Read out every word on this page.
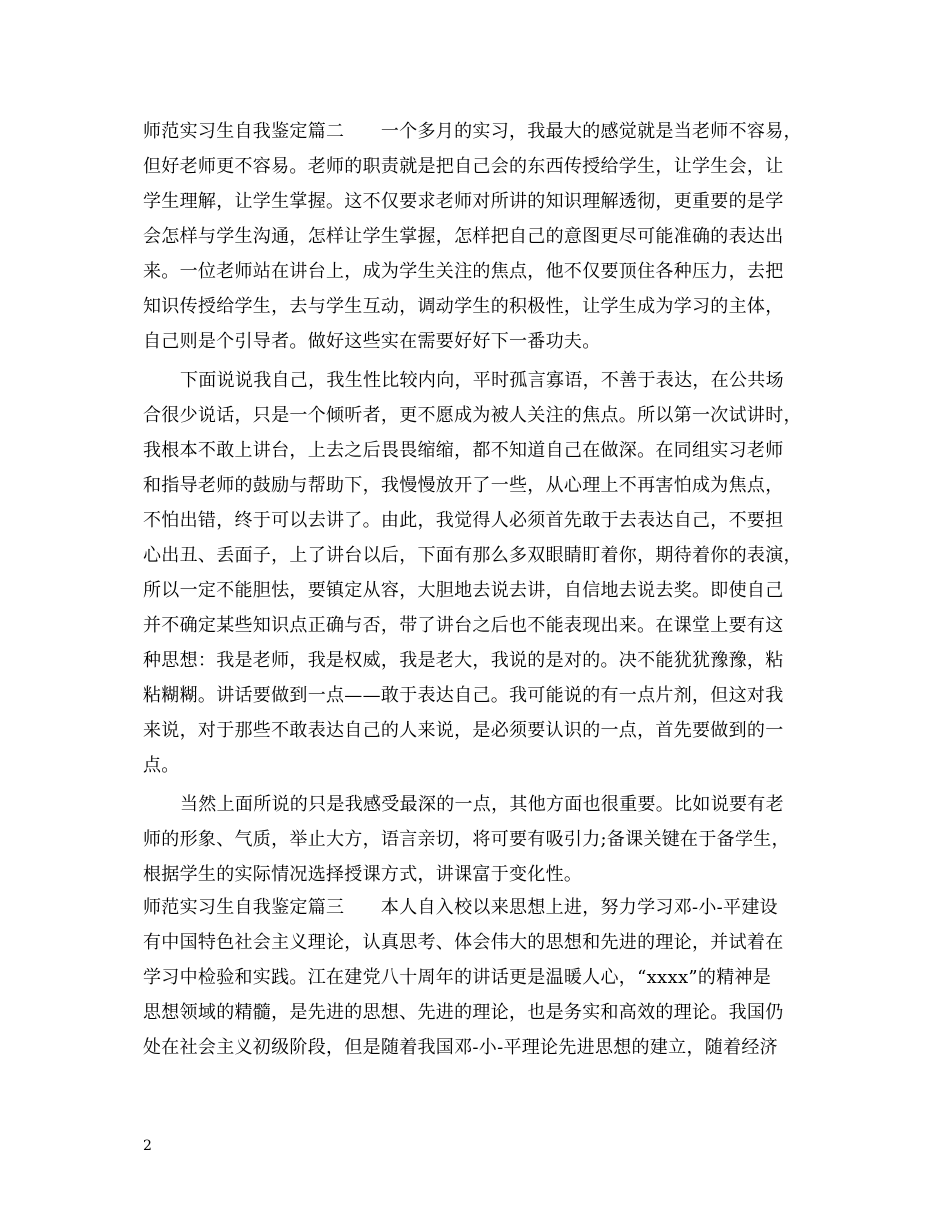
师范实习生自我鉴定篇二　　一个多月的实习，我最大的感觉就是当老师不容易，
但好老师更不容易。老师的职责就是把自己会的东西传授给学生，让学生会，让
学生理解，让学生掌握。这不仅要求老师对所讲的知识理解透彻，更重要的是学
会怎样与学生沟通，怎样让学生掌握，怎样把自己的意图更尽可能准确的表达出
来。一位老师站在讲台上，成为学生关注的焦点，他不仅要顶住各种压力，去把
知识传授给学生，去与学生互动，调动学生的积极性，让学生成为学习的主体，
自己则是个引导者。做好这些实在需要好好下一番功夫。
下面说说我自己，我生性比较内向，平时孤言寡语，不善于表达，在公共场
合很少说话，只是一个倾听者，更不愿成为被人关注的焦点。所以第一次试讲时，
我根本不敢上讲台，上去之后畏畏缩缩，都不知道自己在做深。在同组实习老师
和指导老师的鼓励与帮助下，我慢慢放开了一些，从心理上不再害怕成为焦点，
不怕出错，终于可以去讲了。由此，我觉得人必须首先敢于去表达自己，不要担
心出丑、丢面子，上了讲台以后，下面有那么多双眼睛盯着你，期待着你的表演，
所以一定不能胆怯，要镇定从容，大胆地去说去讲，自信地去说去奖。即使自己
并不确定某些知识点正确与否，带了讲台之后也不能表现出来。在课堂上要有这
种思想：我是老师，我是权威，我是老大，我说的是对的。决不能犹犹豫豫，粘
粘糊糊。讲话要做到一点——敢于表达自己。我可能说的有一点片剂，但这对我
来说，对于那些不敢表达自己的人来说，是必须要认识的一点，首先要做到的一
点。
当然上面所说的只是我感受最深的一点，其他方面也很重要。比如说要有老
师的形象、气质，举止大方，语言亲切，将可要有吸引力;备课关键在于备学生，
根据学生的实际情况选择授课方式，讲课富于变化性。
师范实习生自我鉴定篇三　　本人自入校以来思想上进，努力学习邓-小-平建设
有中国特色社会主义理论，认真思考、体会伟大的思想和先进的理论，并试着在
学习中检验和实践。江在建党八十周年的讲话更是温暖人心，“xxxx”的精神是
思想领域的精髓，是先进的思想、先进的理论，也是务实和高效的理论。我国仍
处在社会主义初级阶段，但是随着我国邓-小-平理论先进思想的建立，随着经济
2
